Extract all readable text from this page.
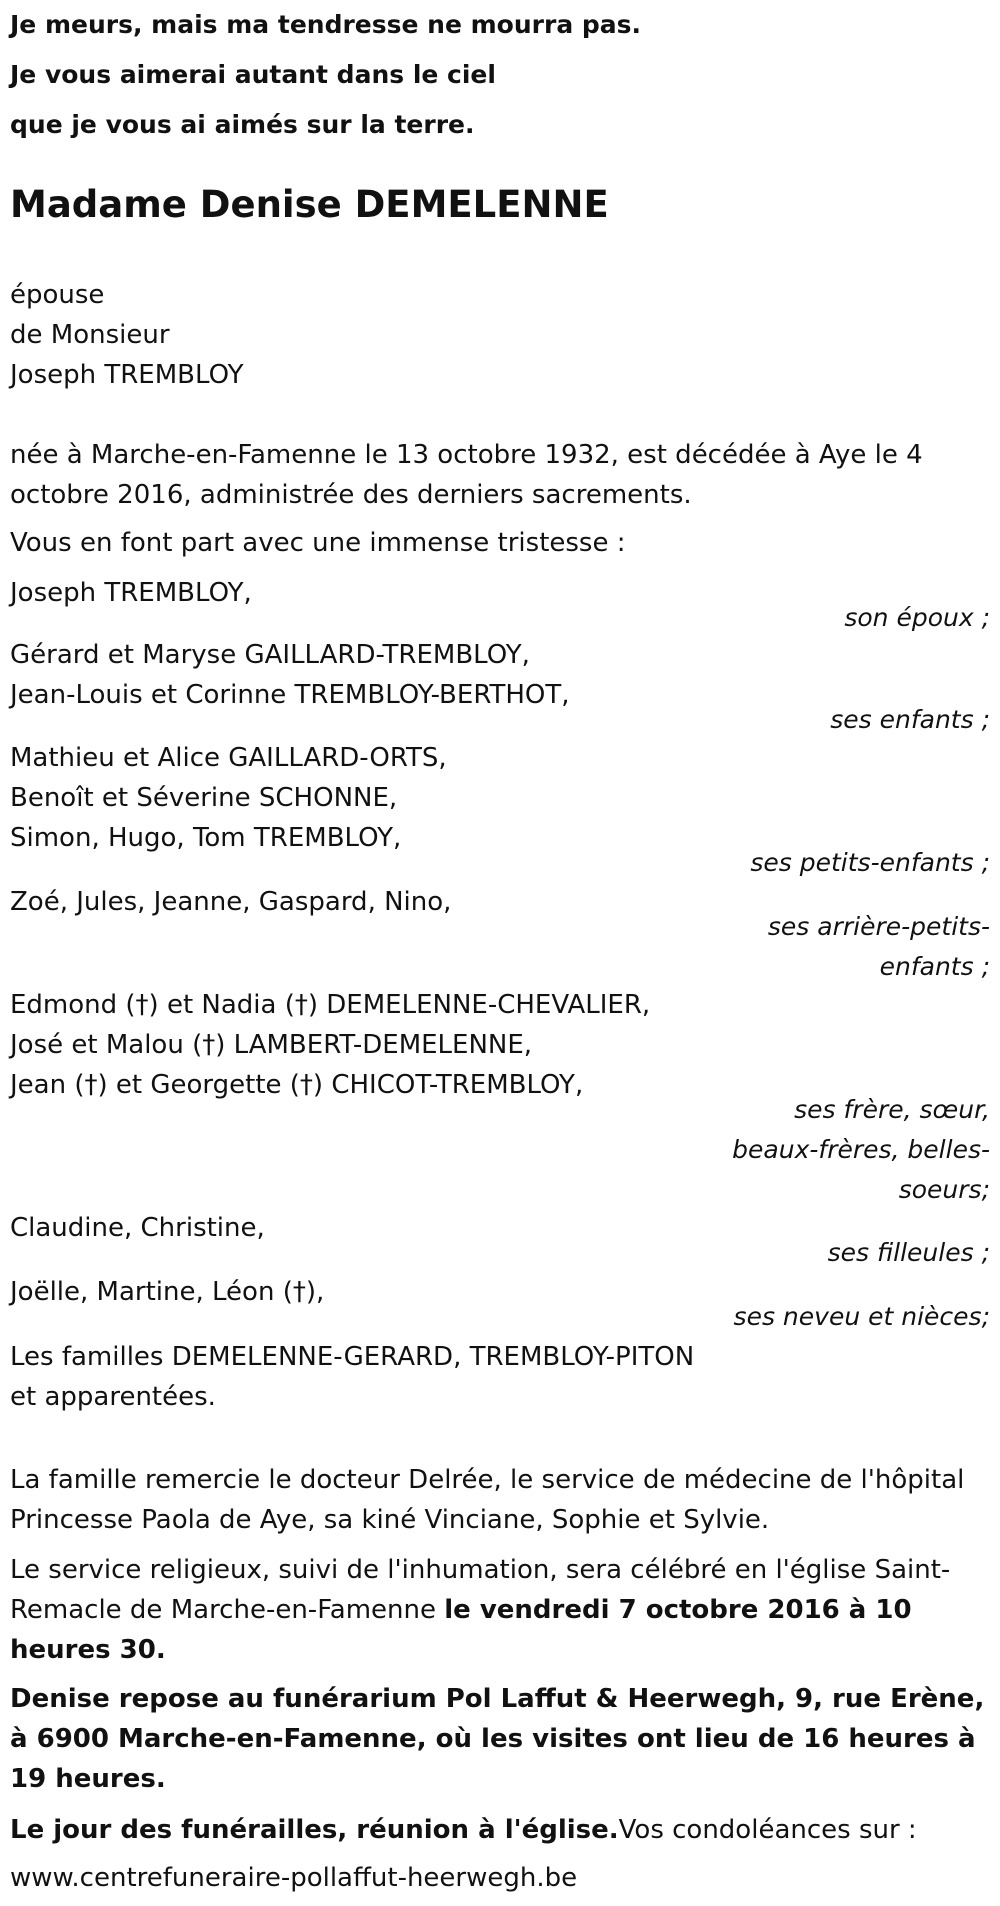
Je meurs, mais ma tendresse ne mourra pas.
Je vous aimerai autant dans le ciel
que je vous ai aimés sur la terre.
Madame Denise DEMELENNE
épouse
de Monsieur
Joseph TREMBLOY
née à Marche-en-Famenne le 13 octobre 1932, est décédée à Aye le 4 octobre 2016, administrée des derniers sacrements.
Vous en font part avec une immense tristesse :
Joseph TREMBLOY,
son époux ;
Gérard et Maryse GAILLARD-TREMBLOY,
Jean-Louis et Corinne TREMBLOY-BERTHOT,
ses enfants ;
Mathieu et Alice GAILLARD-ORTS,
Benoît et Séverine SCHONNE,
Simon, Hugo, Tom TREMBLOY,
ses petits-enfants ;
Zoé, Jules, Jeanne, Gaspard, Nino,
ses arrière-petits-
enfants ;
Edmond (†) et Nadia (†) DEMELENNE-CHEVALIER,
José et Malou (†) LAMBERT-DEMELENNE,
Jean (†) et Georgette (†) CHICOT-TREMBLOY,
ses frère, sœur,
beaux-frères, belles-
soeurs;
Claudine, Christine,
ses filleules ;
Joëlle, Martine, Léon (†),
ses neveu et nièces;
Les familles DEMELENNE-GERARD, TREMBLOY-PITON
et apparentées.
La famille remercie le docteur Delrée, le service de médecine de l'hôpital Princesse Paola de Aye, sa kiné Vinciane, Sophie et Sylvie.
Le service religieux, suivi de l'inhumation, sera célébré en l'église Saint-Remacle de Marche-en-Famenne le vendredi 7 octobre 2016 à 10 heures 30.
Denise repose au funérarium Pol Laffut & Heerwegh, 9, rue Erène, à 6900 Marche-en-Famenne, où les visites ont lieu de 16 heures à 19 heures.
Le jour des funérailles, réunion à l'église.Vos condoléances sur :
www.centrefuneraire-pollaffut-heerwegh.be
